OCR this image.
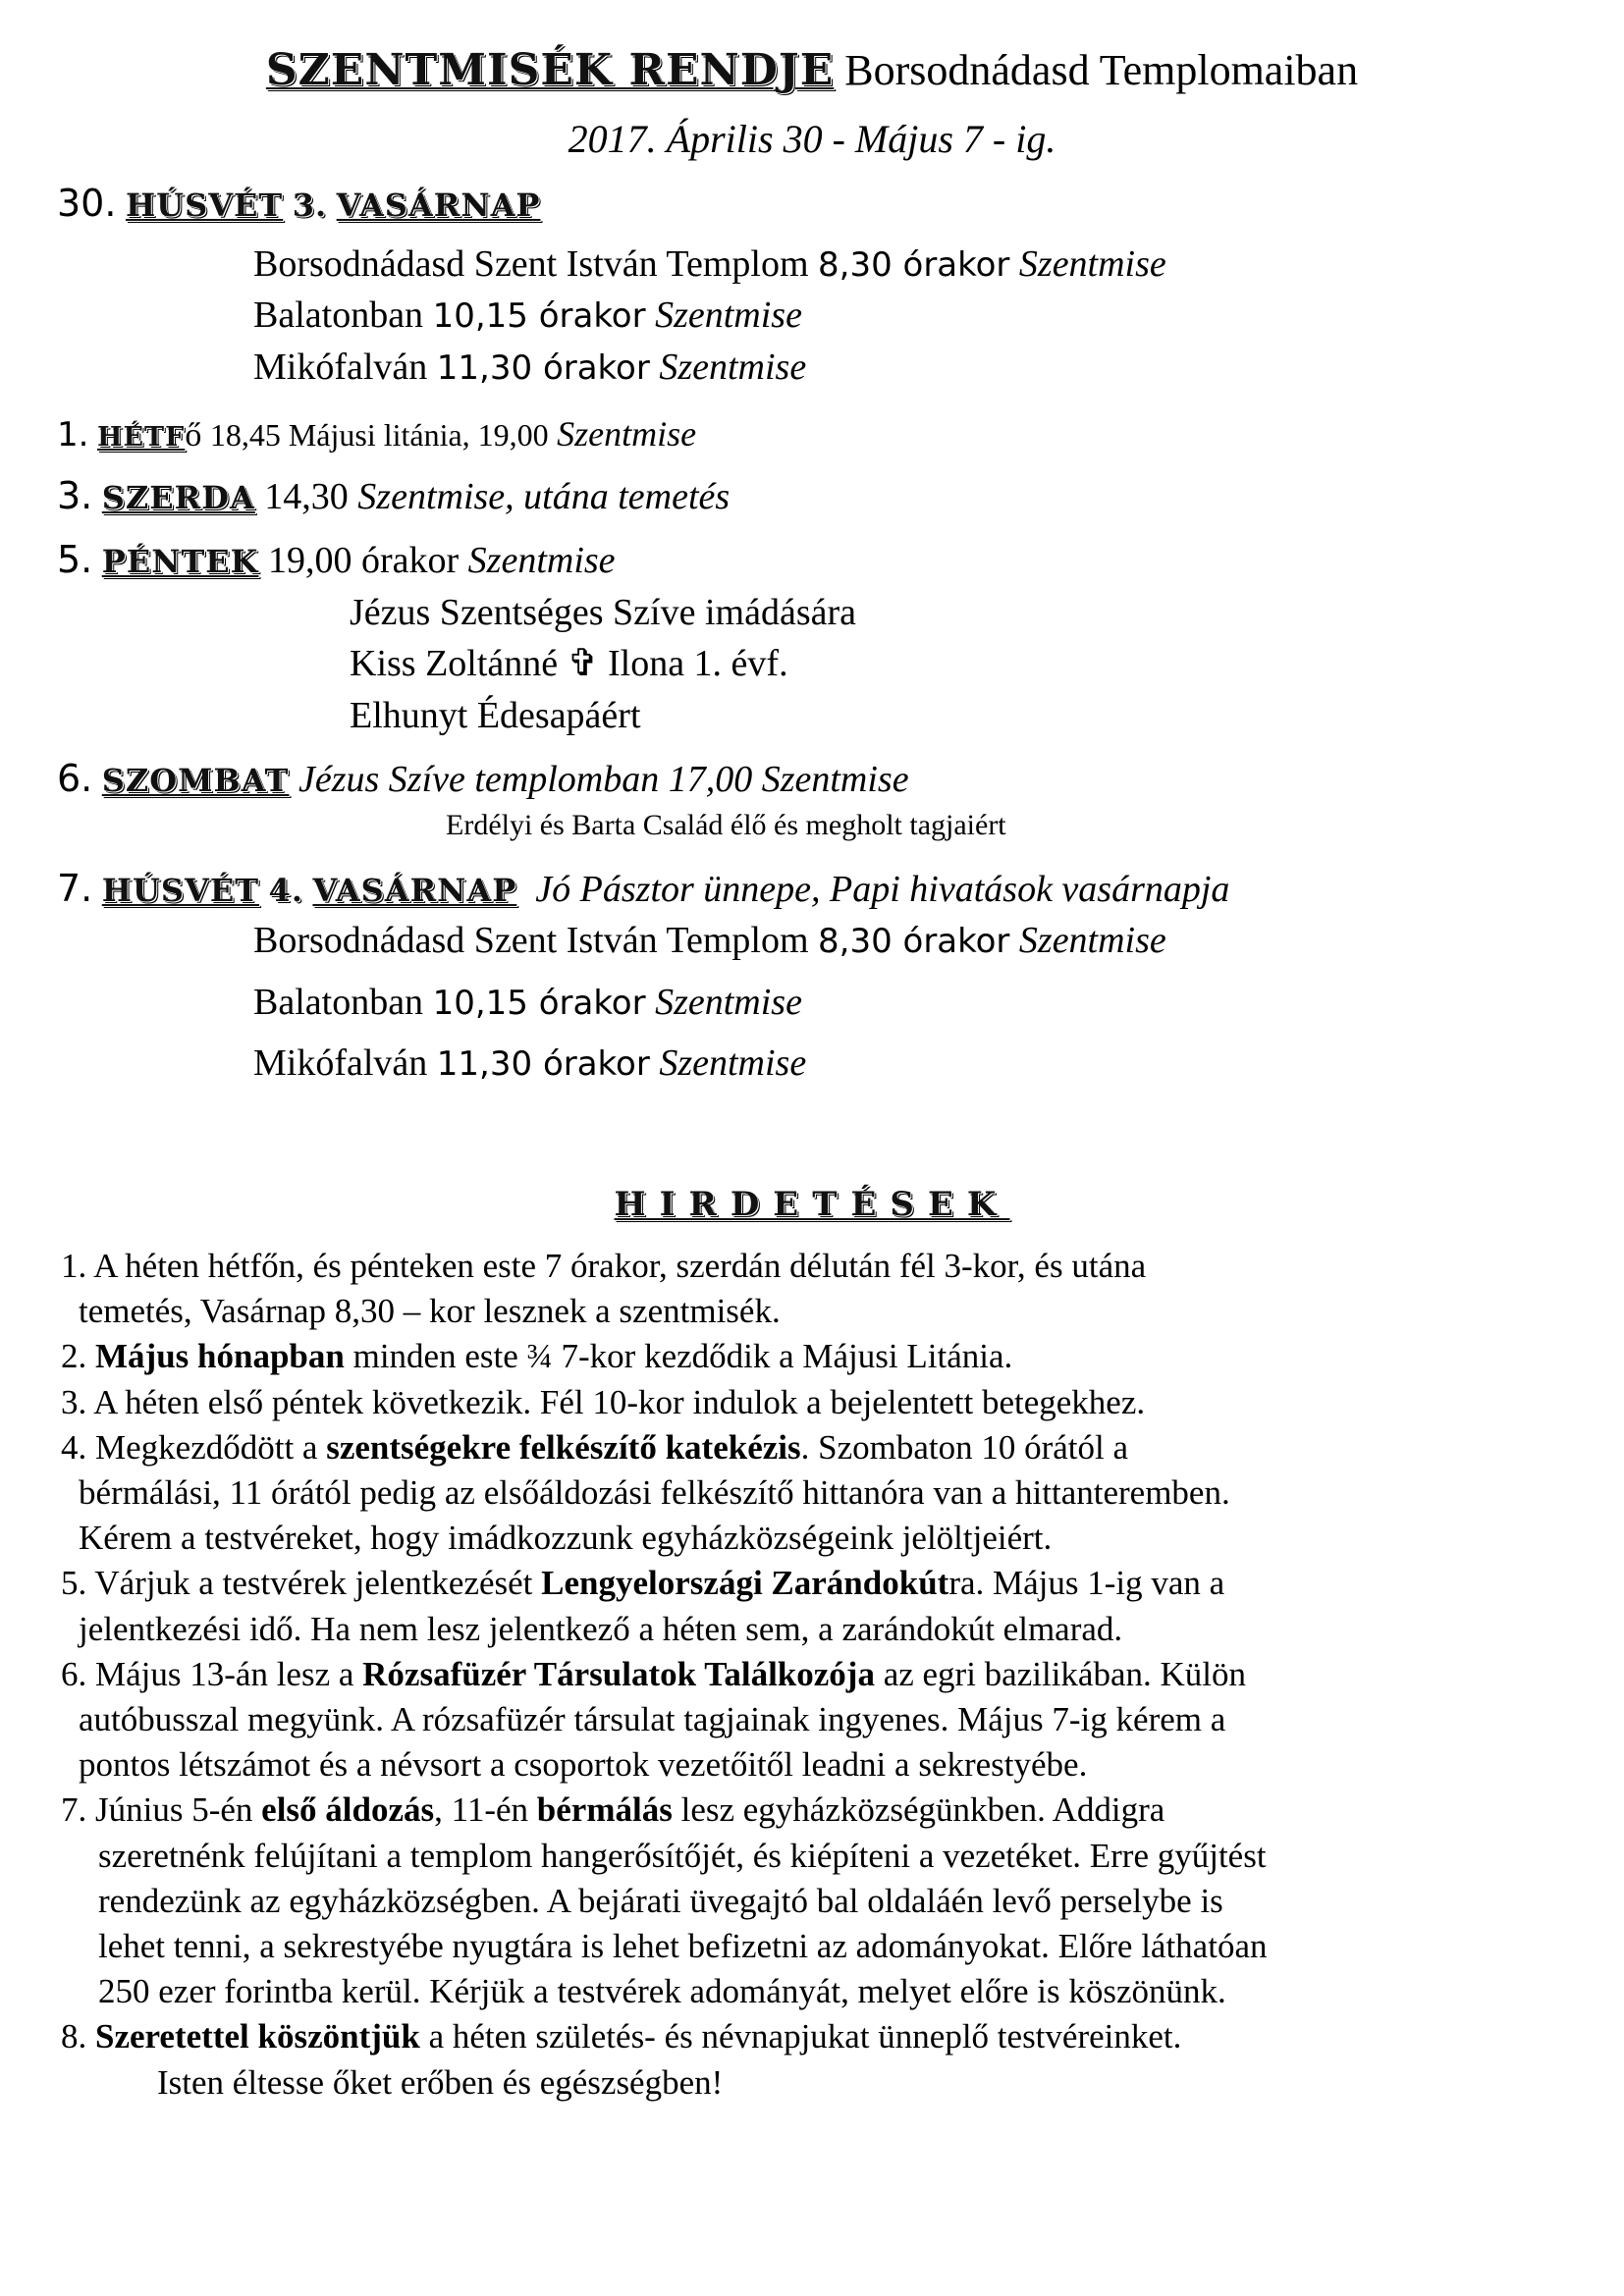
SZENTMISÉK RENDJE Borsodnádasd Templomaiban
2017. Április 30 - Május 7 - ig.
30. HÚSVÉT 3. VASÁRNAP
Borsodnádasd Szent István Templom 8,30 órakor Szentmise
Balatonban 10,15 órakor Szentmise
Mikófalván 11,30 órakor Szentmise
1. HÉTFő 18,45 Májusi litánia, 19,00 Szentmise
3. SZERDA 14,30 Szentmise, utána temetés
5. PÉNTEK 19,00 órakor Szentmise
Jézus Szentséges Szíve imádására
Kiss Zoltánné ✞ Ilona 1. évf.
Elhunyt Édesapáért
6. SZOMBAT Jézus Szíve templomban 17,00 Szentmise
Erdélyi és Barta Család élő és megholt tagjaiért
7. HÚSVÉT 4. VASÁRNAP Jó Pásztor ünnepe, Papi hivatások vasárnapja
Borsodnádasd Szent István Templom 8,30 órakor Szentmise
Balatonban 10,15 órakor Szentmise
Mikófalván 11,30 órakor Szentmise
HIRDETÉSEK
1. A héten hétfőn, és pénteken este 7 órakor, szerdán délután fél 3-kor, és utána
temetés, Vasárnap 8,30 – kor lesznek a szentmisék.
2. Május hónapban minden este ¾ 7-kor kezdődik a Májusi Litánia.
3. A héten első péntek következik. Fél 10-kor indulok a bejelentett betegekhez.
4. Megkezdődött a szentségekre felkészítő katekézis. Szombaton 10 órától a
bérmálási, 11 órától pedig az elsőáldozási felkészítő hittanóra van a hittanteremben.
Kérem a testvéreket, hogy imádkozzunk egyházközségeink jelöltjeiért.
5. Várjuk a testvérek jelentkezését Lengyelországi Zarándokútra. Május 1-ig van a
jelentkezési idő. Ha nem lesz jelentkező a héten sem, a zarándokút elmarad.
6. Május 13-án lesz a Rózsafüzér Társulatok Találkozója az egri bazilikában. Külön
autóbusszal megyünk. A rózsafüzér társulat tagjainak ingyenes. Május 7-ig kérem a
pontos létszámot és a névsort a csoportok vezetőitől leadni a sekrestyébe.
7. Június 5-én első áldozás, 11-én bérmálás lesz egyházközségünkben. Addigra
szeretnénk felújítani a templom hangerősítőjét, és kiépíteni a vezetéket. Erre gyűjtést
rendezünk az egyházközségben. A bejárati üvegajtó bal oldaláén levő perselybe is
lehet tenni, a sekrestyébe nyugtára is lehet befizetni az adományokat. Előre láthatóan
250 ezer forintba kerül. Kérjük a testvérek adományát, melyet előre is köszönünk.
8. Szeretettel köszöntjük a héten születés- és névnapjukat ünneplő testvéreinket.
Isten éltesse őket erőben és egészségben!
